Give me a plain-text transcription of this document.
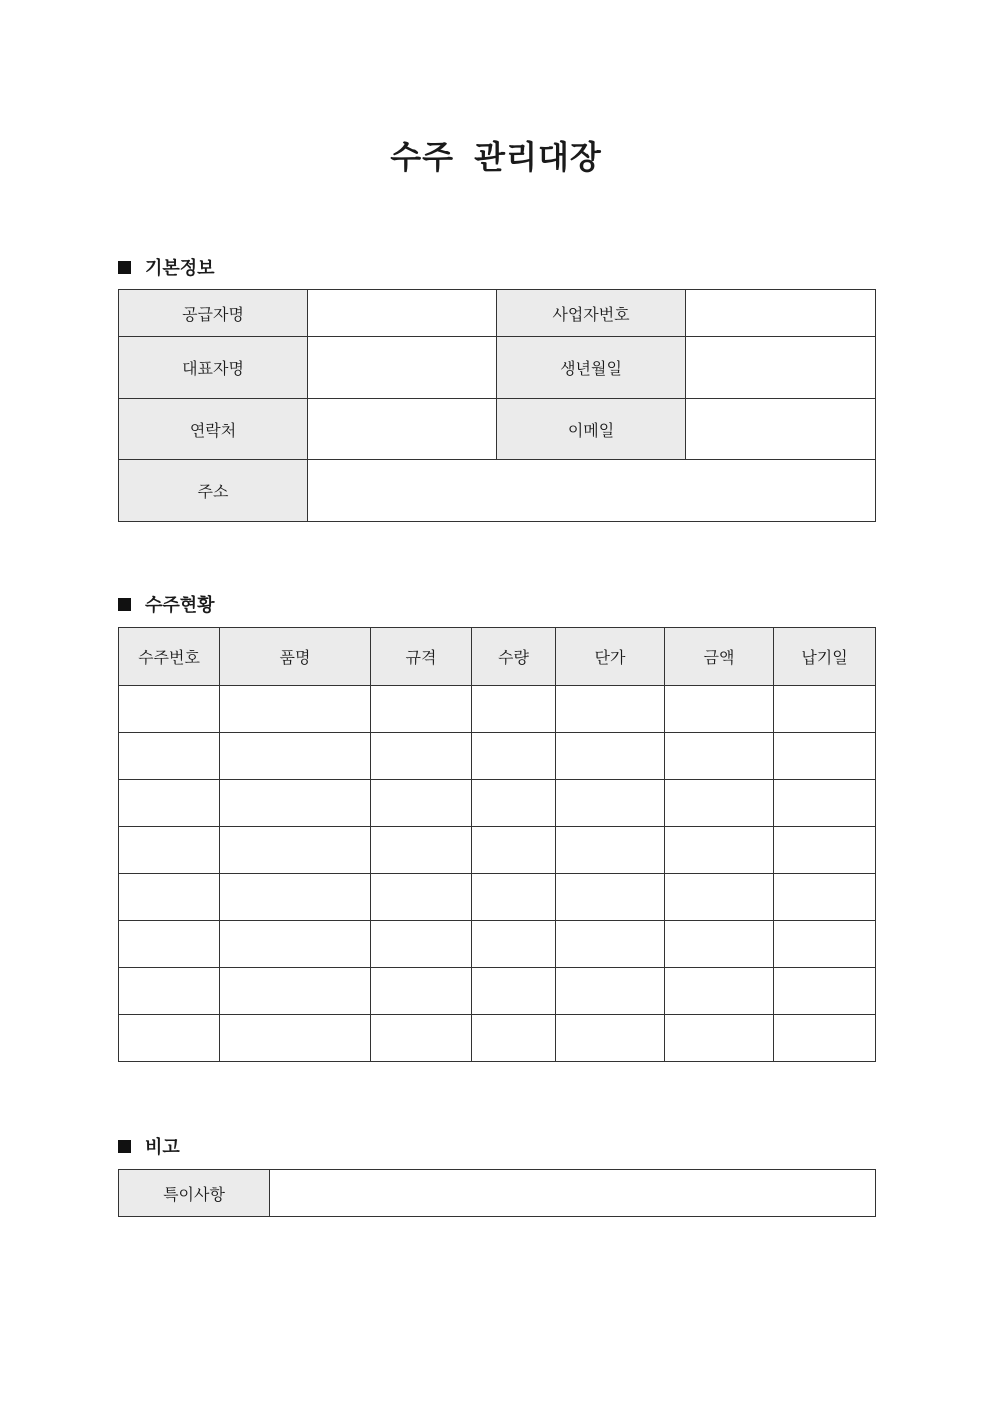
수주 관리대장
기본정보
공급자명		사업자번호	
대표자명		생년월일	
연락처		이메일	
주소			
수주현황
수주번호	품명	규격	수량	단가	금액	납기일

비고
특이사항	
